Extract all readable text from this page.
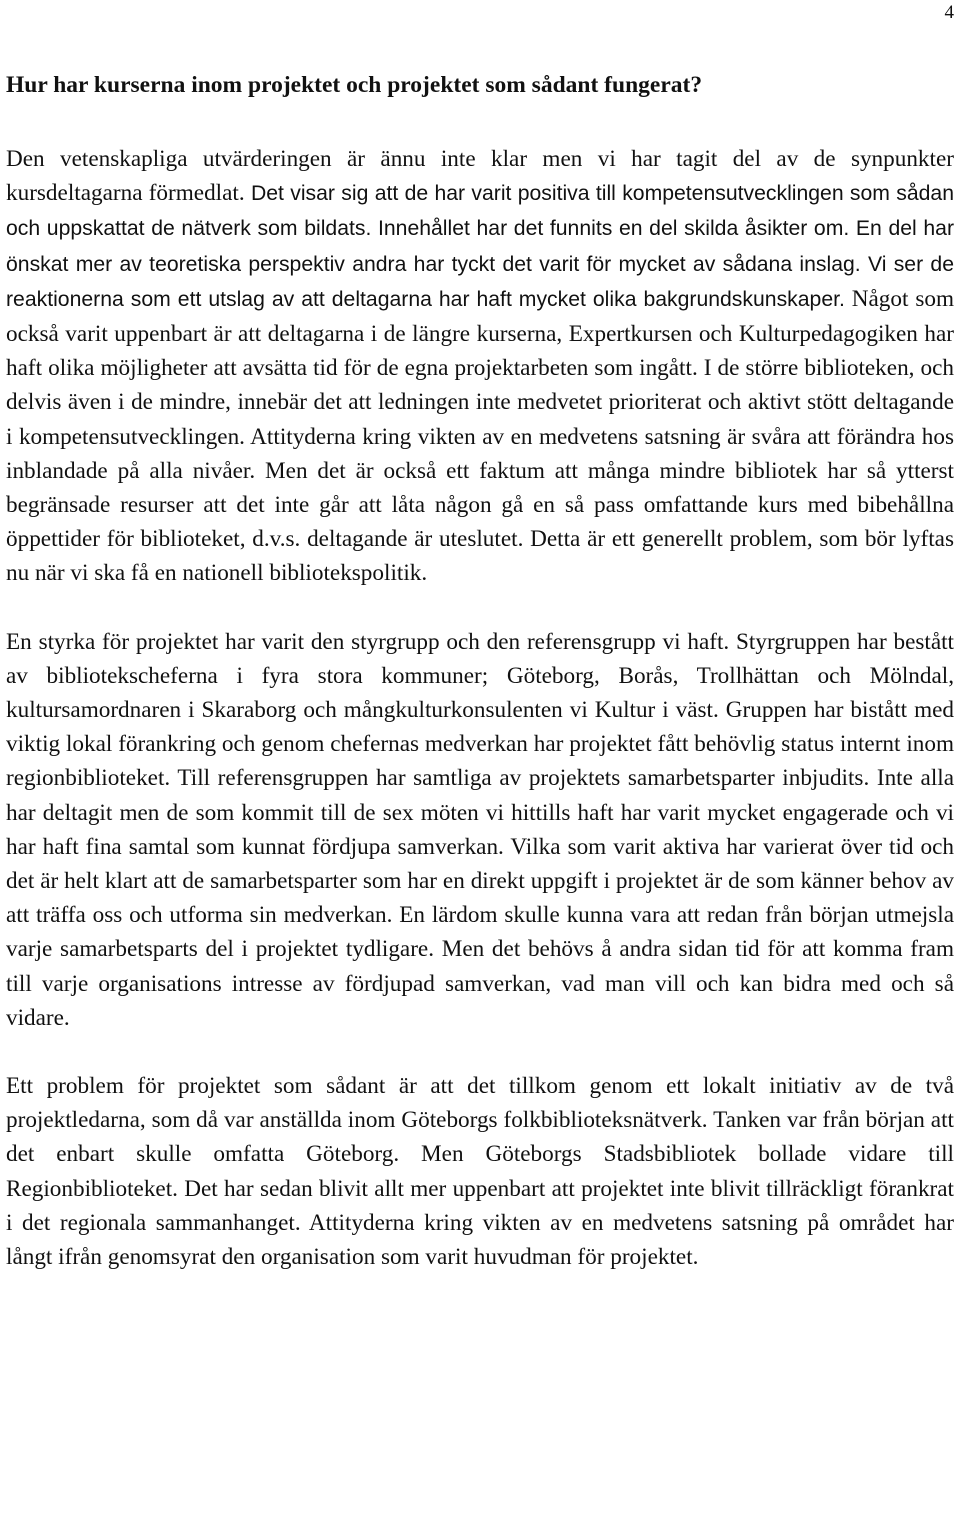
4
Hur har kurserna inom projektet och projektet som sådant fungerat?

Den vetenskapliga utvärderingen är ännu inte klar men vi har tagit del av de synpunkter kursdeltagarna förmedlat. Det visar sig att de har varit positiva till kompetensutvecklingen som sådan och uppskattat de nätverk som bildats. Innehållet har det funnits en del skilda åsikter om. En del har önskat mer av teoretiska perspektiv andra har tyckt det varit för mycket av sådana inslag. Vi ser de reaktionerna som ett utslag av att deltagarna har haft mycket olika bakgrundskunskaper. Något som också varit uppenbart är att deltagarna i de längre kurserna, Expertkursen och Kulturpedagogiken har haft olika möjligheter att avsätta tid för de egna projektarbeten som ingått. I de större biblioteken, och delvis även i de mindre, innebär det att ledningen inte medvetet prioriterat och aktivt stött deltagande i kompetensutvecklingen. Attityderna kring vikten av en medvetens satsning är svåra att förändra hos inblandade på alla nivåer. Men det är också ett faktum att många mindre bibliotek har så ytterst begränsade resurser att det inte går att låta någon gå en så pass omfattande kurs med bibehållna öppettider för biblioteket, d.v.s. deltagande är uteslutet. Detta är ett generellt problem, som bör lyftas nu när vi ska få en nationell bibliotekspolitik.

En styrka för projektet har varit den styrgrupp och den referensgrupp vi haft. Styrgruppen har bestått av bibliotekscheferna i fyra stora kommuner; Göteborg, Borås, Trollhättan och Mölndal, kultursamordnaren i Skaraborg och mångkulturkonsulenten vi Kultur i väst. Gruppen har bistått med viktig lokal förankring och genom chefernas medverkan har projektet fått behövlig status internt inom regionbiblioteket. Till referensgruppen har samtliga av projektets samarbetsparter inbjudits. Inte alla har deltagit men de som kommit till de sex möten vi hittills haft har varit mycket engagerade och vi har haft fina samtal som kunnat fördjupa samverkan. Vilka som varit aktiva har varierat över tid och det är helt klart att de samarbetsparter som har en direkt uppgift i projektet är de som känner behov av att träffa oss och utforma sin medverkan. En lärdom skulle kunna vara att redan från början utmejsla varje samarbetsparts del i projektet tydligare. Men det behövs å andra sidan tid för att komma fram till varje organisations intresse av fördjupad samverkan, vad man vill och kan bidra med och så vidare.

Ett problem för projektet som sådant är att det tillkom genom ett lokalt initiativ av de två projektledarna, som då var anställda inom Göteborgs folkbiblioteksnätverk. Tanken var från början att det enbart skulle omfatta Göteborg. Men Göteborgs Stadsbibliotek bollade vidare till Regionbiblioteket. Det har sedan blivit allt mer uppenbart att projektet inte blivit tillräckligt förankrat i det regionala sammanhanget. Attityderna kring vikten av en medvetens satsning på området har långt ifrån genomsyrat den organisation som varit huvudman för projektet.
